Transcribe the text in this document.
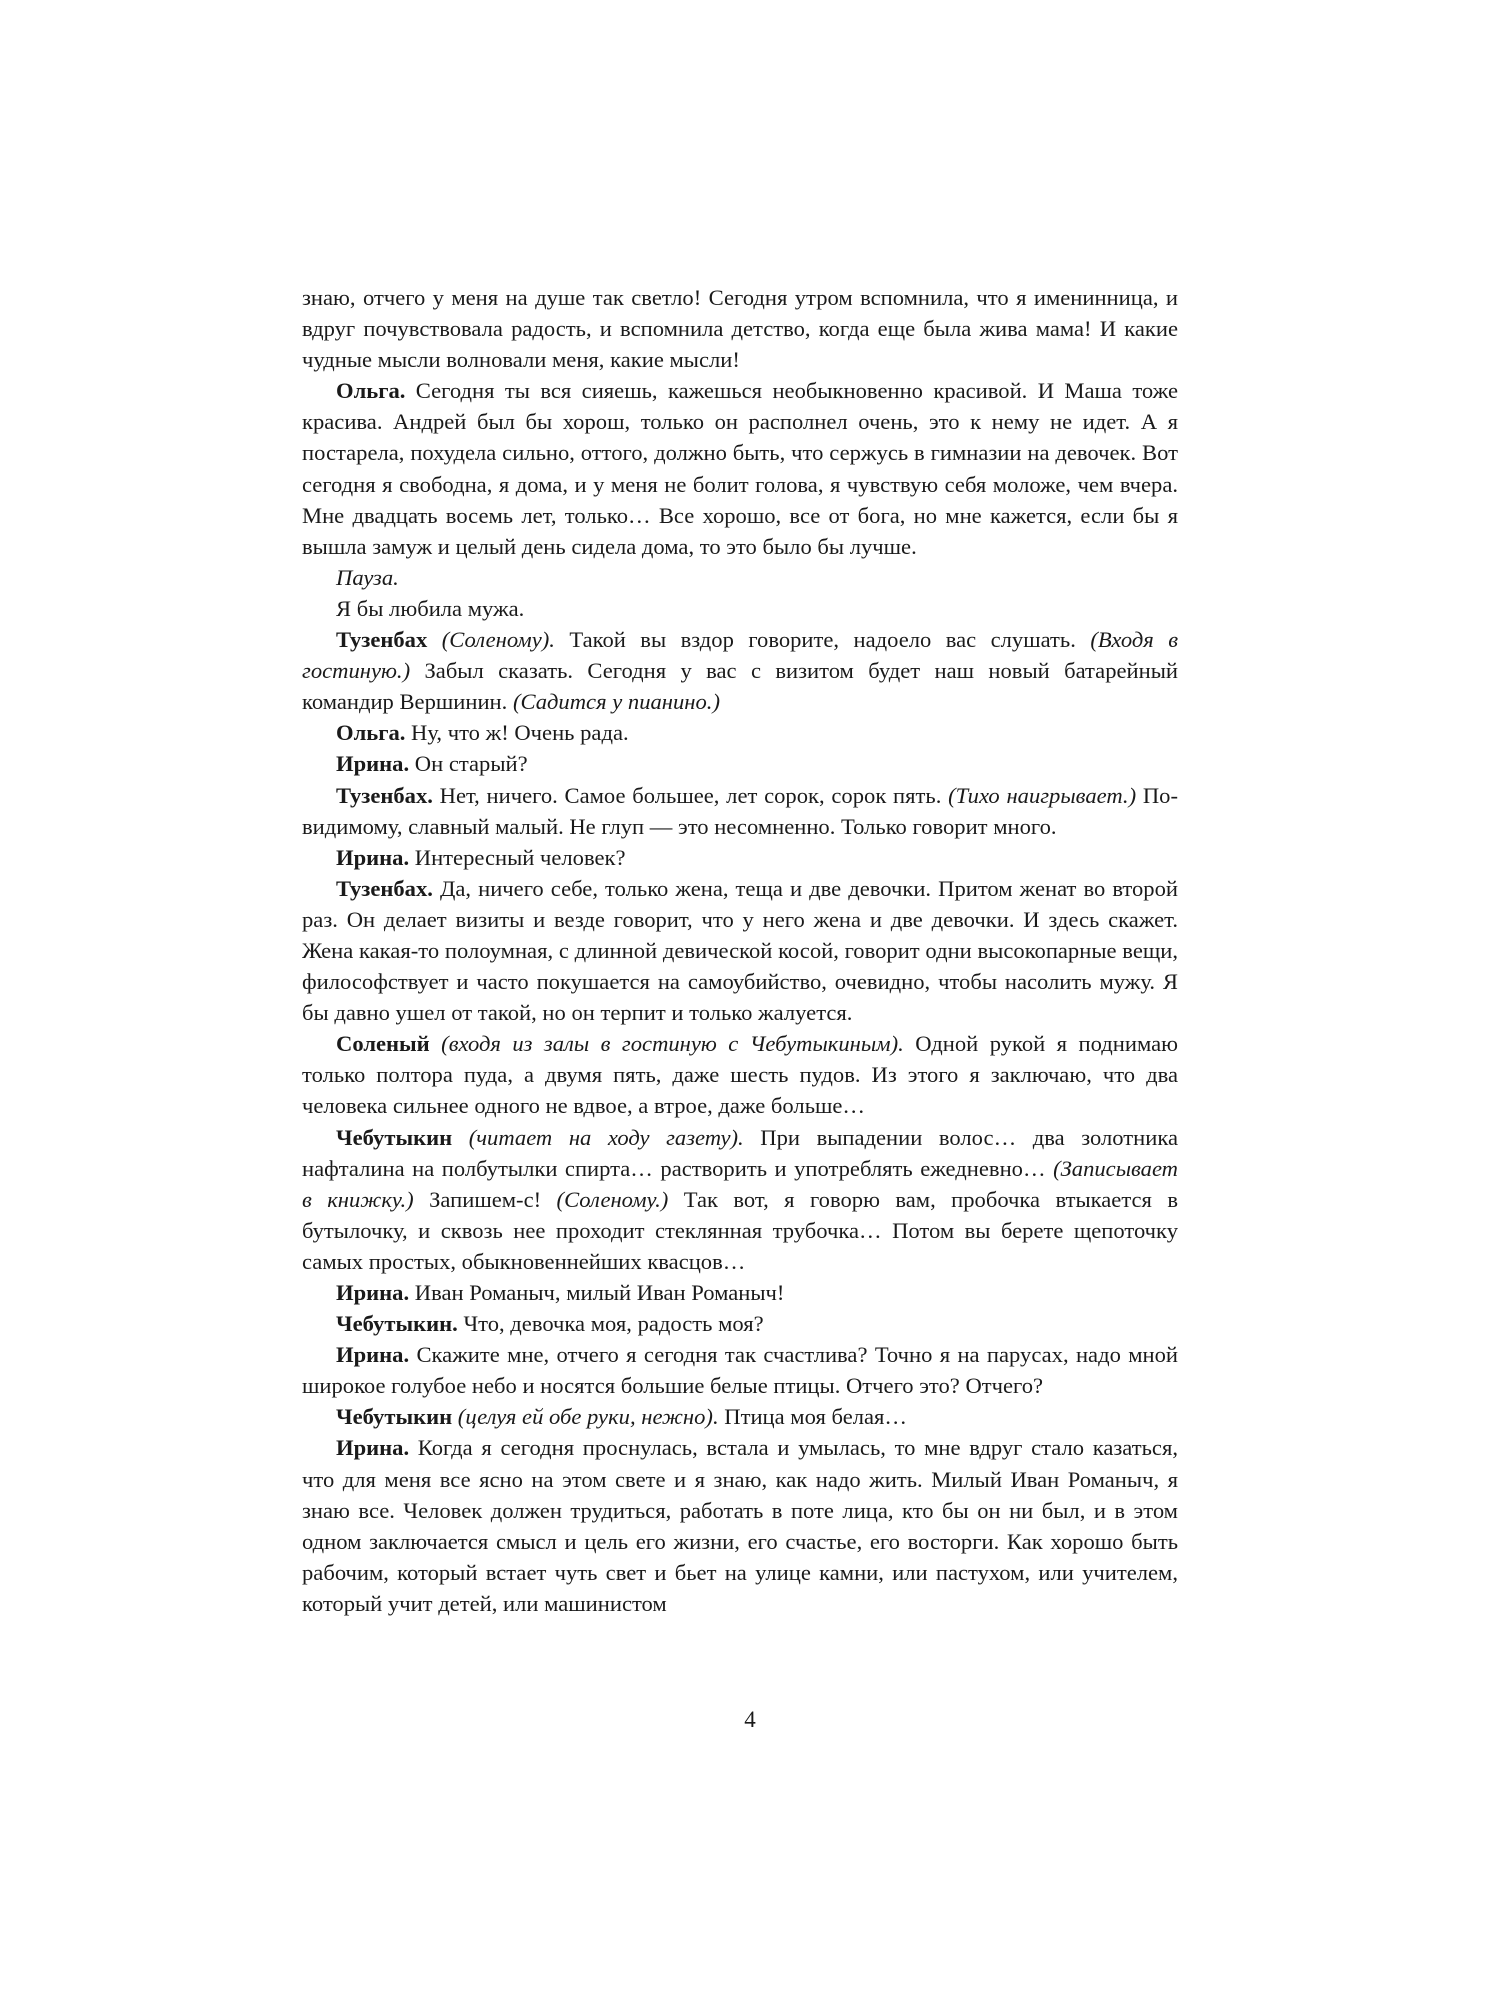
знаю, отчего у меня на душе так светло! Сегодня утром вспомнила, что я именинница, и вдруг почувствовала радость, и вспомнила детство, когда еще была жива мама! И какие чудные мысли волновали меня, какие мысли!

Ольга. Сегодня ты вся сияешь, кажешься необыкновенно красивой. И Маша тоже красива. Андрей был бы хорош, только он располнел очень, это к нему не идет. А я постарела, похудела сильно, оттого, должно быть, что сержусь в гимназии на девочек. Вот сегодня я свободна, я дома, и у меня не болит голова, я чувствую себя моложе, чем вчера. Мне двадцать восемь лет, только… Все хорошо, все от бога, но мне кажется, если бы я вышла замуж и целый день сидела дома, то это было бы лучше.

Пауза.

Я бы любила мужа.

Тузенбах (Соленому). Такой вы вздор говорите, надоело вас слушать. (Входя в гостиную.) Забыл сказать. Сегодня у вас с визитом будет наш новый батарейный командир Вершинин. (Садится у пианино.)

Ольга. Ну, что ж! Очень рада.

Ирина. Он старый?

Тузенбах. Нет, ничего. Самое большее, лет сорок, сорок пять. (Тихо наигрывает.) По-видимому, славный малый. Не глуп — это несомненно. Только говорит много.

Ирина. Интересный человек?

Тузенбах. Да, ничего себе, только жена, теща и две девочки. Притом женат во второй раз. Он делает визиты и везде говорит, что у него жена и две девочки. И здесь скажет. Жена какая-то полоумная, с длинной девической косой, говорит одни высокопарные вещи, философствует и часто покушается на самоубийство, очевидно, чтобы насолить мужу. Я бы давно ушел от такой, но он терпит и только жалуется.

Соленый (входя из залы в гостиную с Чебутыкиным). Одной рукой я поднимаю только полтора пуда, а двумя пять, даже шесть пудов. Из этого я заключаю, что два человека сильнее одного не вдвое, а втрое, даже больше…

Чебутыкин (читает на ходу газету). При выпадении волос… два золотника нафталина на полбутылки спирта… растворить и употреблять ежедневно… (Записывает в книжку.) Запишем-с! (Соленому.) Так вот, я говорю вам, пробочка втыкается в бутылочку, и сквозь нее проходит стеклянная трубочка… Потом вы берете щепоточку самых простых, обыкновеннейших квасцов…

Ирина. Иван Романыч, милый Иван Романыч!

Чебутыкин. Что, девочка моя, радость моя?

Ирина. Скажите мне, отчего я сегодня так счастлива? Точно я на парусах, надо мной широкое голубое небо и носятся большие белые птицы. Отчего это? Отчего?

Чебутыкин (целуя ей обе руки, нежно). Птица моя белая…

Ирина. Когда я сегодня проснулась, встала и умылась, то мне вдруг стало казаться, что для меня все ясно на этом свете и я знаю, как надо жить. Милый Иван Романыч, я знаю все. Человек должен трудиться, работать в поте лица, кто бы он ни был, и в этом одном заключается смысл и цель его жизни, его счастье, его восторги. Как хорошо быть рабочим, который встает чуть свет и бьет на улице камни, или пастухом, или учителем, который учит детей, или машинистом

4
